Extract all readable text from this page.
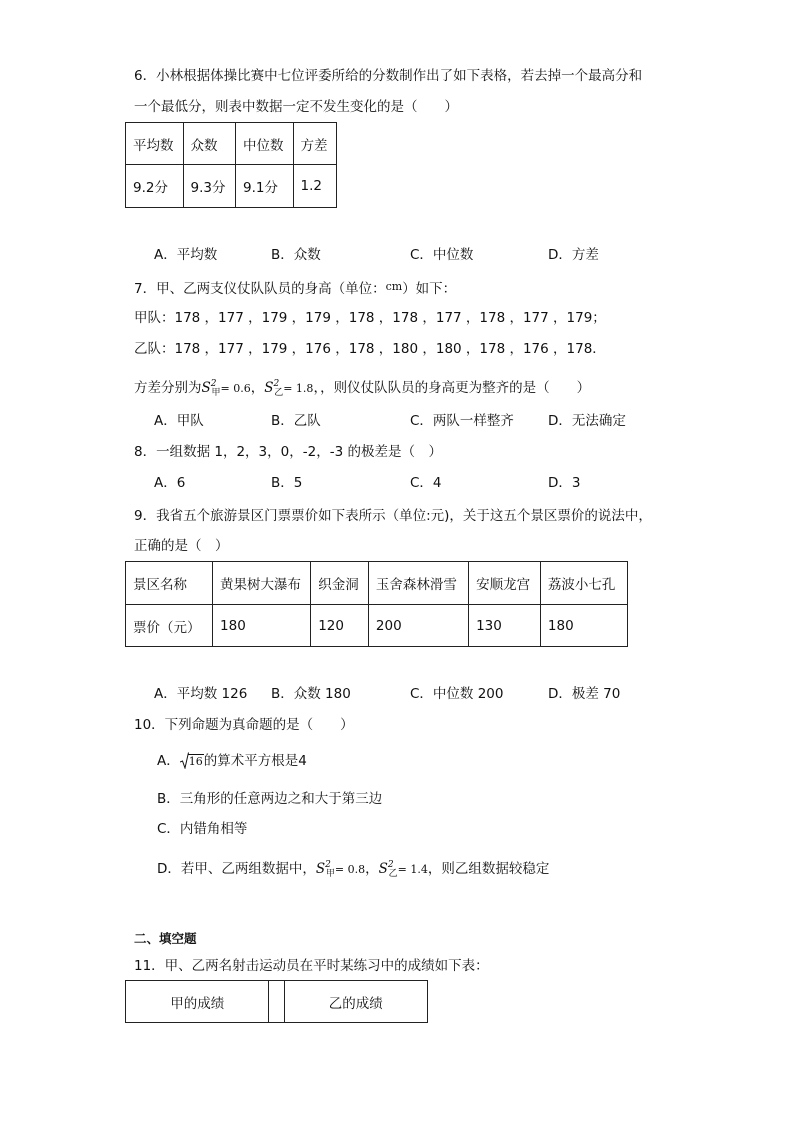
6．小林根据体操比赛中七位评委所给的分数制作出了如下表格，若去掉一个最高分和
一个最低分，则表中数据一定不发生变化的是（　　）
平均数	众数	中位数	方差
9.2分	9.3分	9.1分	1.2
A．平均数	B．众数	C．中位数	D．方差
7．甲、乙两支仪仗队队员的身高（单位：$^{cm}$）如下：
甲队：178 ，177 ，179 ，179 ，178 ，178 ，177 ，178 ，177 ，179；
乙队：178 ，177 ，179 ，176 ，178 ，180 ，180 ，178 ，176 ，178．
方差分别为$S^2_甲= 0.6$，$S^2_乙= 1.8$，，则仪仗队队员的身高更为整齐的是（　　）
A．甲队	B．乙队	C．两队一样整齐	D．无法确定
8．一组数据 1，2，3，0，-2，-3 的极差是（　）
A．6	B．5	C．4	D．3
9．我省五个旅游景区门票票价如下表所示（单位:元)，关于这五个景区票价的说法中，
正确的是（　）
景区名称	黄果树大瀑布	织金洞	玉舍森林滑雪	安顺龙宫	荔波小七孔
票价（元）	180	120	200	130	180
A．平均数 126 B．众数 180	C．中位数 200	D．极差 70
10．下列命题为真命题的是（　　）
A． 16的算术平方根是4
B．三角形的任意两边之和大于第三边
C．内错角相等
D．若甲、乙两组数据中，$S^2_甲= 0.8$，$S^2_乙= 1.4$，则乙组数据较稳定
二、填空题
11．甲、乙两名射击运动员在平时某练习中的成绩如下表：
甲的成绩		乙的成绩
